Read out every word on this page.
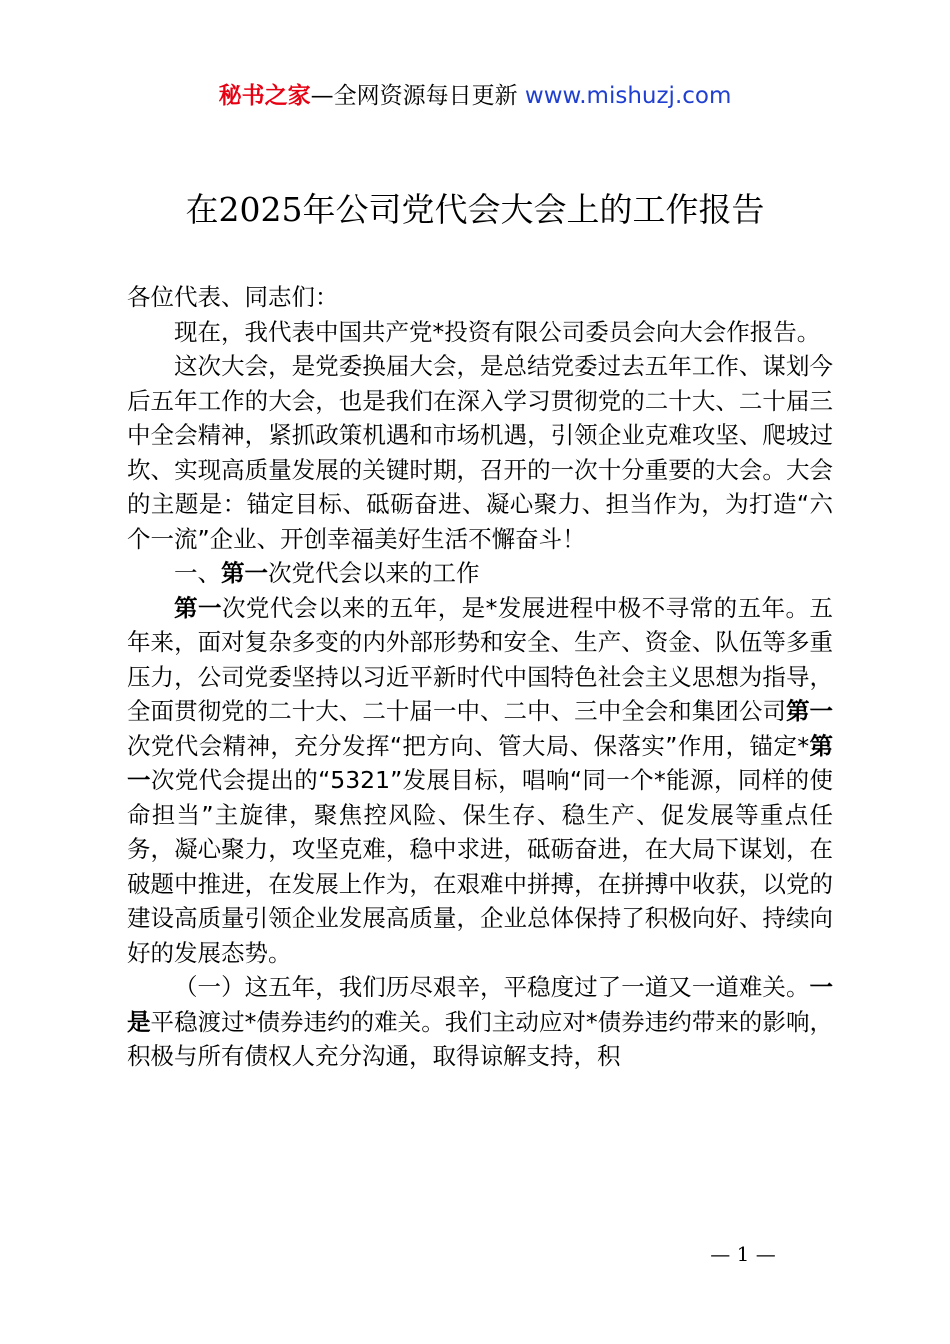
秘书之家—全网资源每日更新 www.mishuzj.com
在2025年公司党代会大会上的工作报告

各位代表、同志们：

现在，我代表中国共产党*投资有限公司委员会向大会作报告。

这次大会，是党委换届大会，是总结党委过去五年工作、谋划今后五年工作的大会，也是我们在深入学习贯彻党的二十大、二十届三中全会精神，紧抓政策机遇和市场机遇，引领企业克难攻坚、爬坡过坎、实现高质量发展的关键时期，召开的一次十分重要的大会。大会的主题是：锚定目标、砥砺奋进、凝心聚力、担当作为，为打造“六个一流”企业、开创幸福美好生活不懈奋斗！

一、第一次党代会以来的工作

第一次党代会以来的五年，是*发展进程中极不寻常的五年。五年来，面对复杂多变的内外部形势和安全、生产、资金、队伍等多重压力，公司党委坚持以习近平新时代中国特色社会主义思想为指导，全面贯彻党的二十大、二十届一中、二中、三中全会和集团公司第一次党代会精神，充分发挥“把方向、管大局、保落实”作用，锚定*第一次党代会提出的“5321”发展目标，唱响“同一个*能源，同样的使命担当”主旋律，聚焦控风险、保生存、稳生产、促发展等重点任务，凝心聚力，攻坚克难，稳中求进，砥砺奋进，在大局下谋划，在破题中推进，在发展上作为，在艰难中拼搏，在拼搏中收获，以党的建设高质量引领企业发展高质量，企业总体保持了积极向好、持续向好的发展态势。

（一）这五年，我们历尽艰辛，平稳度过了一道又一道难关。一是平稳渡过*债券违约的难关。我们主动应对*债券违约带来的影响，积极与所有债权人充分沟通，取得谅解支持，积

— 1 —
